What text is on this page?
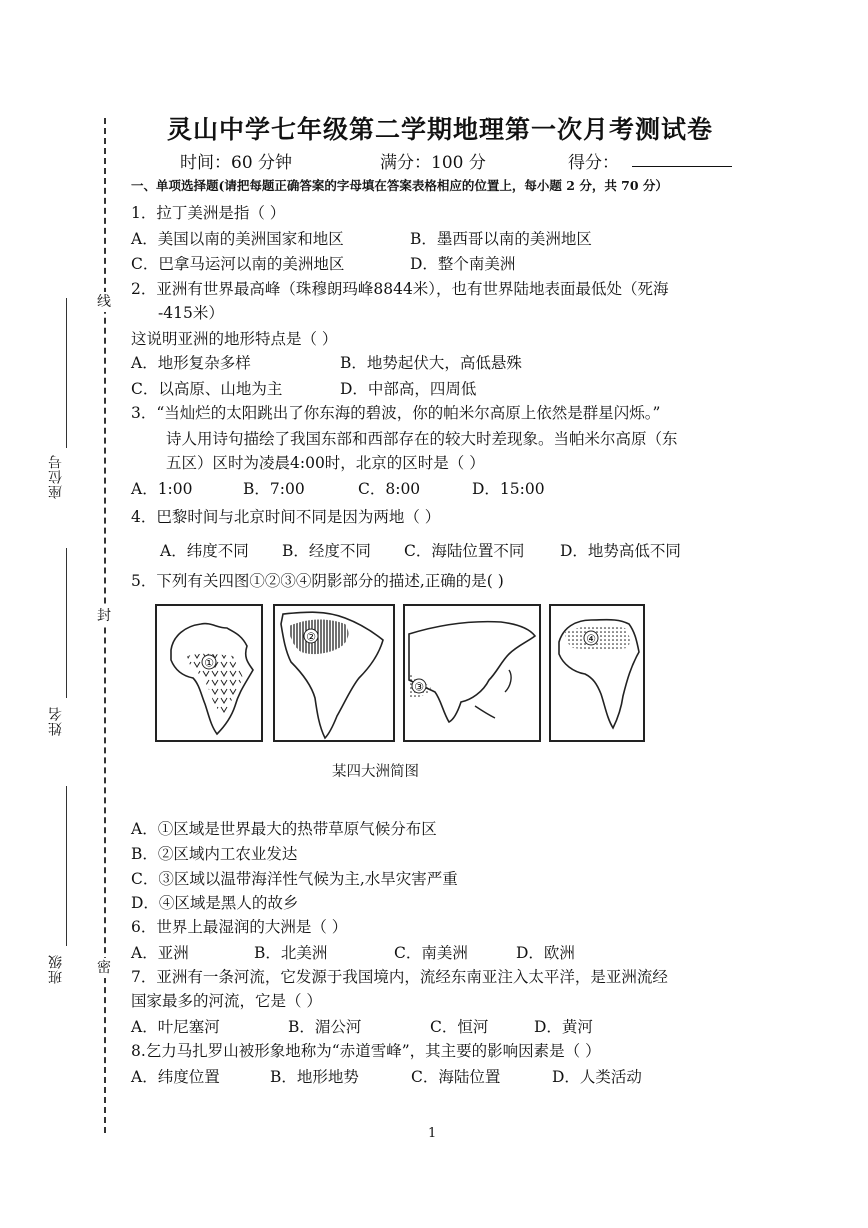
线
封
密
座位号
姓名
班级
灵山中学七年级第二学期地理第一次月考测试卷
时间：60 分钟	满分：100 分	得分：
一、单项选择题(请把每题正确答案的字母填在答案表格相应的位置上，每小题 2 分，共 70 分）
1．拉丁美洲是指（ ）
A．美国以南的美洲国家和地区	B．墨西哥以南的美洲地区
C．巴拿马运河以南的美洲地区	D．整个南美洲
2．亚洲有世界最高峰（珠穆朗玛峰8844米），也有世界陆地表面最低处（死海
-415米）
这说明亚洲的地形特点是（ ）
A．地形复杂多样	B．地势起伏大，高低悬殊
C．以高原、山地为主	D．中部高，四周低
3．“当灿烂的太阳跳出了你东海的碧波，你的帕米尔高原上依然是群星闪烁。”
诗人用诗句描绘了我国东部和西部存在的较大时差现象。当帕米尔高原（东
五区）区时为凌晨4:00时，北京的区时是（ ）
A．1:00	B．7:00	C．8:00	D．15:00
4．巴黎时间与北京时间不同是因为两地（ ）
A．纬度不同 B．经度不同 C．海陆位置不同 D．地势高低不同
5．下列有关四图①②③④阴影部分的描述,正确的是( )
①
②
③
④
某四大洲简图
A．①区域是世界最大的热带草原气候分布区
B．②区域内工农业发达
C．③区域以温带海洋性气候为主,水旱灾害严重
D．④区域是黑人的故乡
6．世界上最湿润的大洲是（ ）
A．亚洲	B．北美洲	C．南美洲	D．欧洲
7．亚洲有一条河流，它发源于我国境内，流经东南亚注入太平洋，是亚洲流经
国家最多的河流，它是（ ）
A．叶尼塞河	B．湄公河	C．恒河	D．黄河
8.乞力马扎罗山被形象地称为“赤道雪峰”，其主要的影响因素是（ ）
A．纬度位置	B．地形地势	C．海陆位置	D．人类活动
1
